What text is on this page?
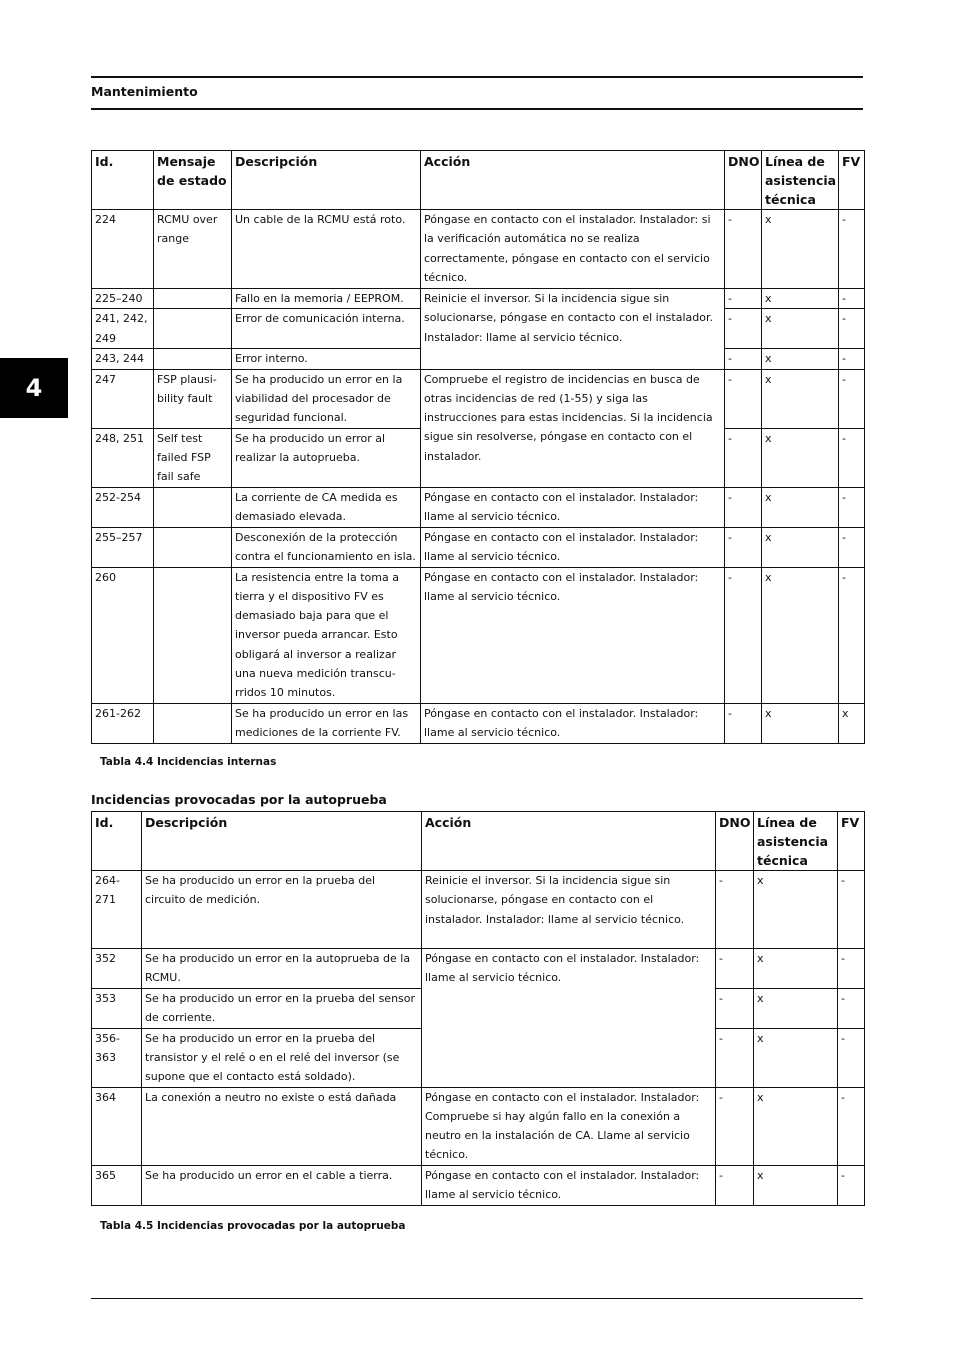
Mantenimiento
4
Id.	Mensaje de estado	Descripción	Acción	DNO	Línea de asistencia técnica	FV
224	RCMU over range	Un cable de la RCMU está roto.	Póngase en contacto con el instalador. Instalador: si la verificación automática no se realiza correctamente, póngase en contacto con el servicio técnico.	-	x	-
225–240		Fallo en la memoria / EEPROM.	Reinicie el inversor. Si la incidencia sigue sin solucionarse, póngase en contacto con el instalador. Instalador: llame al servicio técnico.	-	x	-
241, 242, 249		Error de comunicación interna.		-	x	-
243, 244		Error interno.		-	x	-
247	FSP plausi-bility fault	Se ha producido un error en la viabilidad del procesador de seguridad funcional.	Compruebe el registro de incidencias en busca de otras incidencias de red (1-55) y siga las instrucciones para estas incidencias. Si la incidencia sigue sin resolverse, póngase en contacto con el instalador.	-	x	-
248, 251	Self test failed FSP fail safe	Se ha producido un error al realizar la autoprueba.		-	x	-
252-254		La corriente de CA medida es demasiado elevada.	Póngase en contacto con el instalador. Instalador: llame al servicio técnico.	-	x	-
255–257		Desconexión de la protección contra el funcionamiento en isla.	Póngase en contacto con el instalador. Instalador: llame al servicio técnico.	-	x	-
260		La resistencia entre la toma a tierra y el dispositivo FV es demasiado baja para que el inversor pueda arrancar. Esto obligará al inversor a realizar una nueva medición transcu-rridos 10 minutos.	Póngase en contacto con el instalador. Instalador: llame al servicio técnico.	-	x	-
261-262		Se ha producido un error en las mediciones de la corriente FV.	Póngase en contacto con el instalador. Instalador: llame al servicio técnico.	-	x	x
Tabla 4.4 Incidencias internas
Incidencias provocadas por la autoprueba
Id.	Descripción	Acción	DNO	Línea de asistencia técnica	FV
264-271	Se ha producido un error en la prueba del circuito de medición.	Reinicie el inversor. Si la incidencia sigue sin solucionarse, póngase en contacto con el instalador. Instalador: llame al servicio técnico.	-	x	-
352	Se ha producido un error en la autoprueba de la RCMU.	Póngase en contacto con el instalador. Instalador: llame al servicio técnico.	-	x	-
353	Se ha producido un error en la prueba del sensor de corriente.		-	x	-
356-363	Se ha producido un error en la prueba del transistor y el relé o en el relé del inversor (se supone que el contacto está soldado).		-	x	-
364	La conexión a neutro no existe o está dañada	Póngase en contacto con el instalador. Instalador: Compruebe si hay algún fallo en la conexión a neutro en la instalación de CA. Llame al servicio técnico.	-	x	-
365	Se ha producido un error en el cable a tierra.	Póngase en contacto con el instalador. Instalador: llame al servicio técnico.	-	x	-
Tabla 4.5 Incidencias provocadas por la autoprueba
